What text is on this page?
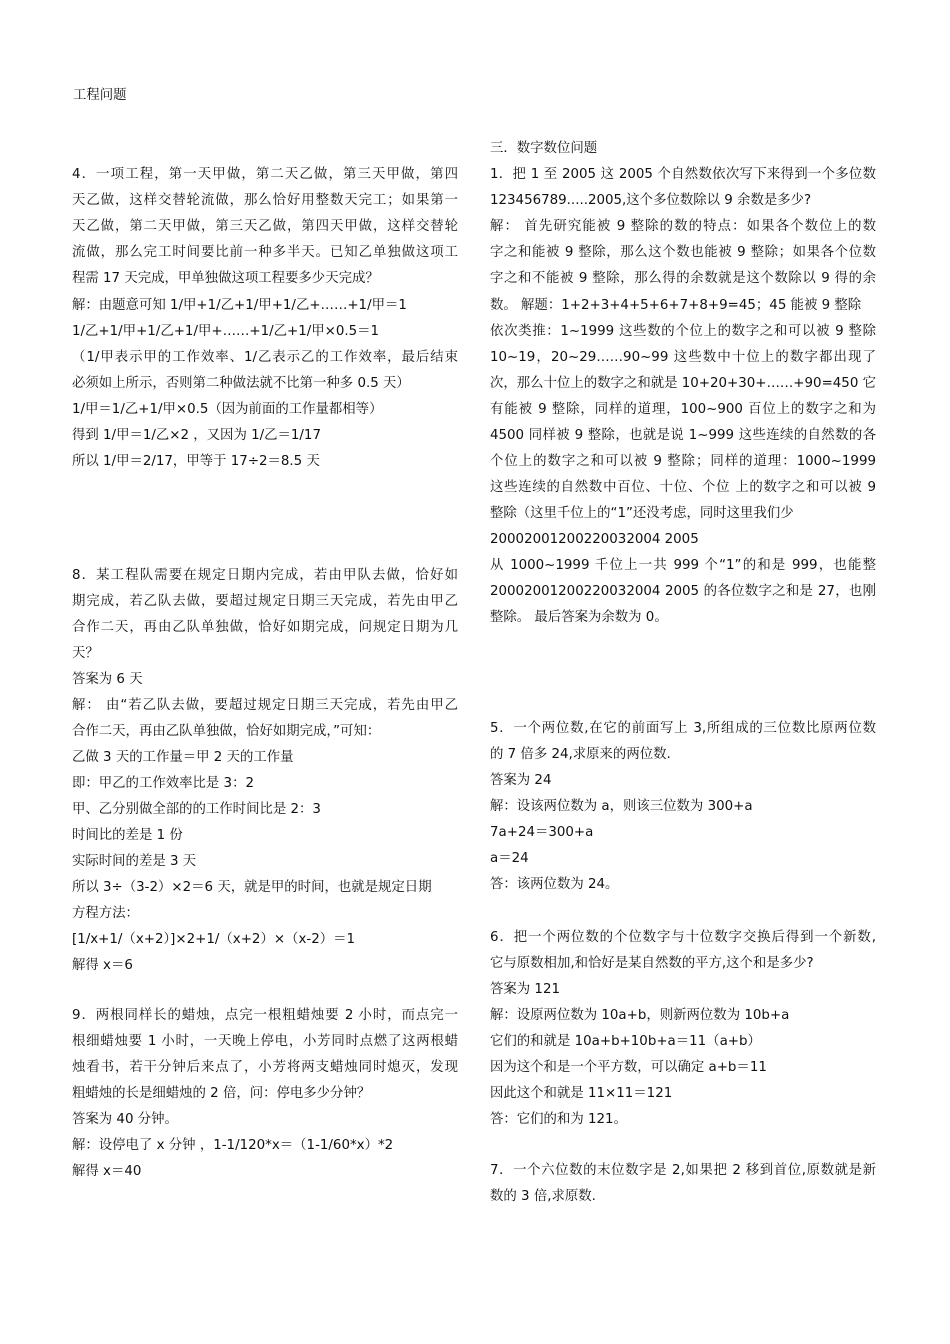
工程问题
4．一项工程，第一天甲做，第二天乙做，第三天甲做，第四
天乙做，这样交替轮流做，那么恰好用整数天完工；如果第一
天乙做，第二天甲做，第三天乙做，第四天甲做，这样交替轮
流做，那么完工时间要比前一种多半天。已知乙单独做这项工
程需 17 天完成，甲单独做这项工程要多少天完成？
解：由题意可知 1/甲+1/乙+1/甲+1/乙+……+1/甲＝1
1/乙+1/甲+1/乙+1/甲+……+1/乙+1/甲×0.5＝1
（1/甲表示甲的工作效率、1/乙表示乙的工作效率，最后结束
必须如上所示，否则第二种做法就不比第一种多 0.5 天）
1/甲＝1/乙+1/甲×0.5（因为前面的工作量都相等）
得到 1/甲＝1/乙×2 ，又因为 1/乙＝1/17
所以 1/甲＝2/17，甲等于 17÷2＝8.5 天
8．某工程队需要在规定日期内完成，若由甲队去做，恰好如
期完成，若乙队去做，要超过规定日期三天完成，若先由甲乙
合作二天，再由乙队单独做，恰好如期完成，问规定日期为几
天？
答案为 6 天
解： 由“若乙队去做，要超过规定日期三天完成，若先由甲乙
合作二天，再由乙队单独做，恰好如期完成，”可知：
乙做 3 天的工作量＝甲 2 天的工作量
即：甲乙的工作效率比是 3：2
甲、乙分别做全部的的工作时间比是 2：3
时间比的差是 1 份
实际时间的差是 3 天
所以 3÷（3-2）×2＝6 天，就是甲的时间，也就是规定日期
方程方法：
[1/x+1/（x+2）]×2+1/（x+2）×（x-2）＝1
解得 x＝6
9．两根同样长的蜡烛，点完一根粗蜡烛要 2 小时，而点完一
根细蜡烛要 1 小时，一天晚上停电，小芳同时点燃了这两根蜡
烛看书，若干分钟后来点了，小芳将两支蜡烛同时熄灭，发现
粗蜡烛的长是细蜡烛的 2 倍，问：停电多少分钟？
答案为 40 分钟。
解：设停电了 x 分钟 ，1-1/120*x＝（1-1/60*x）*2
解得 x＝40
三．数字数位问题
1．把 1 至 2005 这 2005 个自然数依次写下来得到一个多位数
123456789.....2005,这个多位数除以 9 余数是多少?
解： 首先研究能被 9 整除的数的特点：如果各个数位上的数
字之和能被 9 整除，那么这个数也能被 9 整除；如果各个位数
字之和不能被 9 整除，那么得的余数就是这个数除以 9 得的余
数。 解题：1+2+3+4+5+6+7+8+9=45；45 能被 9 整除
依次类推：1~1999 这些数的个位上的数字之和可以被 9 整除
10~19，20~29……90~99 这些数中十位上的数字都出现了
次，那么十位上的数字之和就是 10+20+30+……+90=450 它
有能被 9 整除，同样的道理，100~900 百位上的数字之和为
4500 同样被 9 整除，也就是说 1~999 这些连续的自然数的各
个位上的数字之和可以被 9 整除；同样的道理：1000~1999
这些连续的自然数中百位、十位、个位 上的数字之和可以被 9
整除（这里千位上的“1”还没考虑，同时这里我们少
20002001200220032004 2005
从 1000~1999 千位上一共 999 个“1”的和是 999，也能整
20002001200220032004 2005 的各位数字之和是 27，也刚
整除。 最后答案为余数为 0。
5．一个两位数,在它的前面写上 3,所组成的三位数比原两位数
的 7 倍多 24,求原来的两位数.
答案为 24
解：设该两位数为 a，则该三位数为 300+a
7a+24＝300+a
a＝24
答：该两位数为 24。
6．把一个两位数的个位数字与十位数字交换后得到一个新数,
它与原数相加,和恰好是某自然数的平方,这个和是多少?
答案为 121
解：设原两位数为 10a+b，则新两位数为 10b+a
它们的和就是 10a+b+10b+a＝11（a+b）
因为这个和是一个平方数，可以确定 a+b＝11
因此这个和就是 11×11＝121
答：它们的和为 121。
7．一个六位数的末位数字是 2,如果把 2 移到首位,原数就是新
数的 3 倍,求原数.
